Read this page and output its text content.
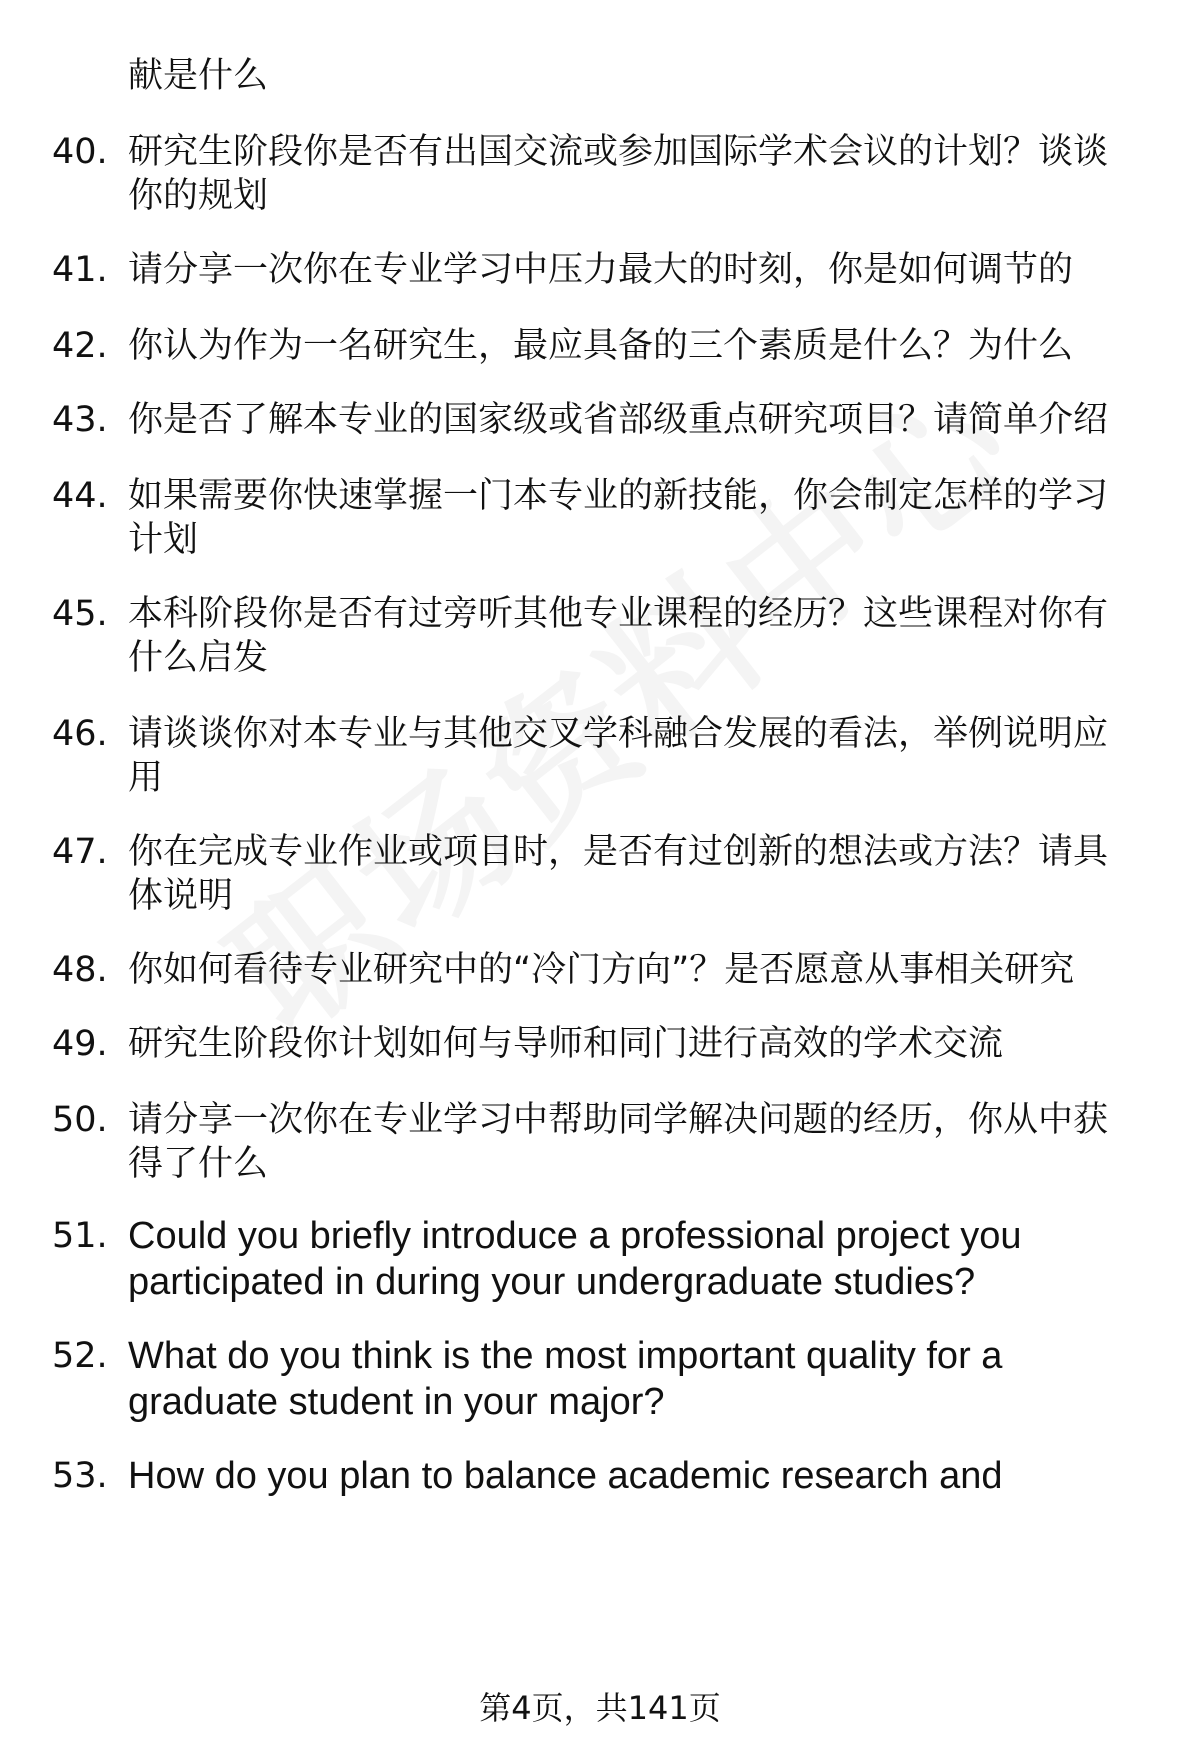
献是什么
40. 研究生阶段你是否有出国交流或参加国际学术会议的计划？谈谈
你的规划
41. 请分享一次你在专业学习中压力最大的时刻，你是如何调节的
42. 你认为作为一名研究生，最应具备的三个素质是什么？为什么
43. 你是否了解本专业的国家级或省部级重点研究项目？请简单介绍
44. 如果需要你快速掌握一门本专业的新技能，你会制定怎样的学习
计划
45. 本科阶段你是否有过旁听其他专业课程的经历？这些课程对你有
什么启发
46. 请谈谈你对本专业与其他交叉学科融合发展的看法，举例说明应
用
47. 你在完成专业作业或项目时，是否有过创新的想法或方法？请具
体说明
48. 你如何看待专业研究中的“冷门方向”？是否愿意从事相关研究
49. 研究生阶段你计划如何与导师和同门进行高效的学术交流
50. 请分享一次你在专业学习中帮助同学解决问题的经历，你从中获
得了什么
51. Could you briefly introduce a professional project you
participated in during your undergraduate studies?
52. What do you think is the most important quality for a
graduate student in your major?
53. How do you plan to balance academic research and
第4页，共141页
